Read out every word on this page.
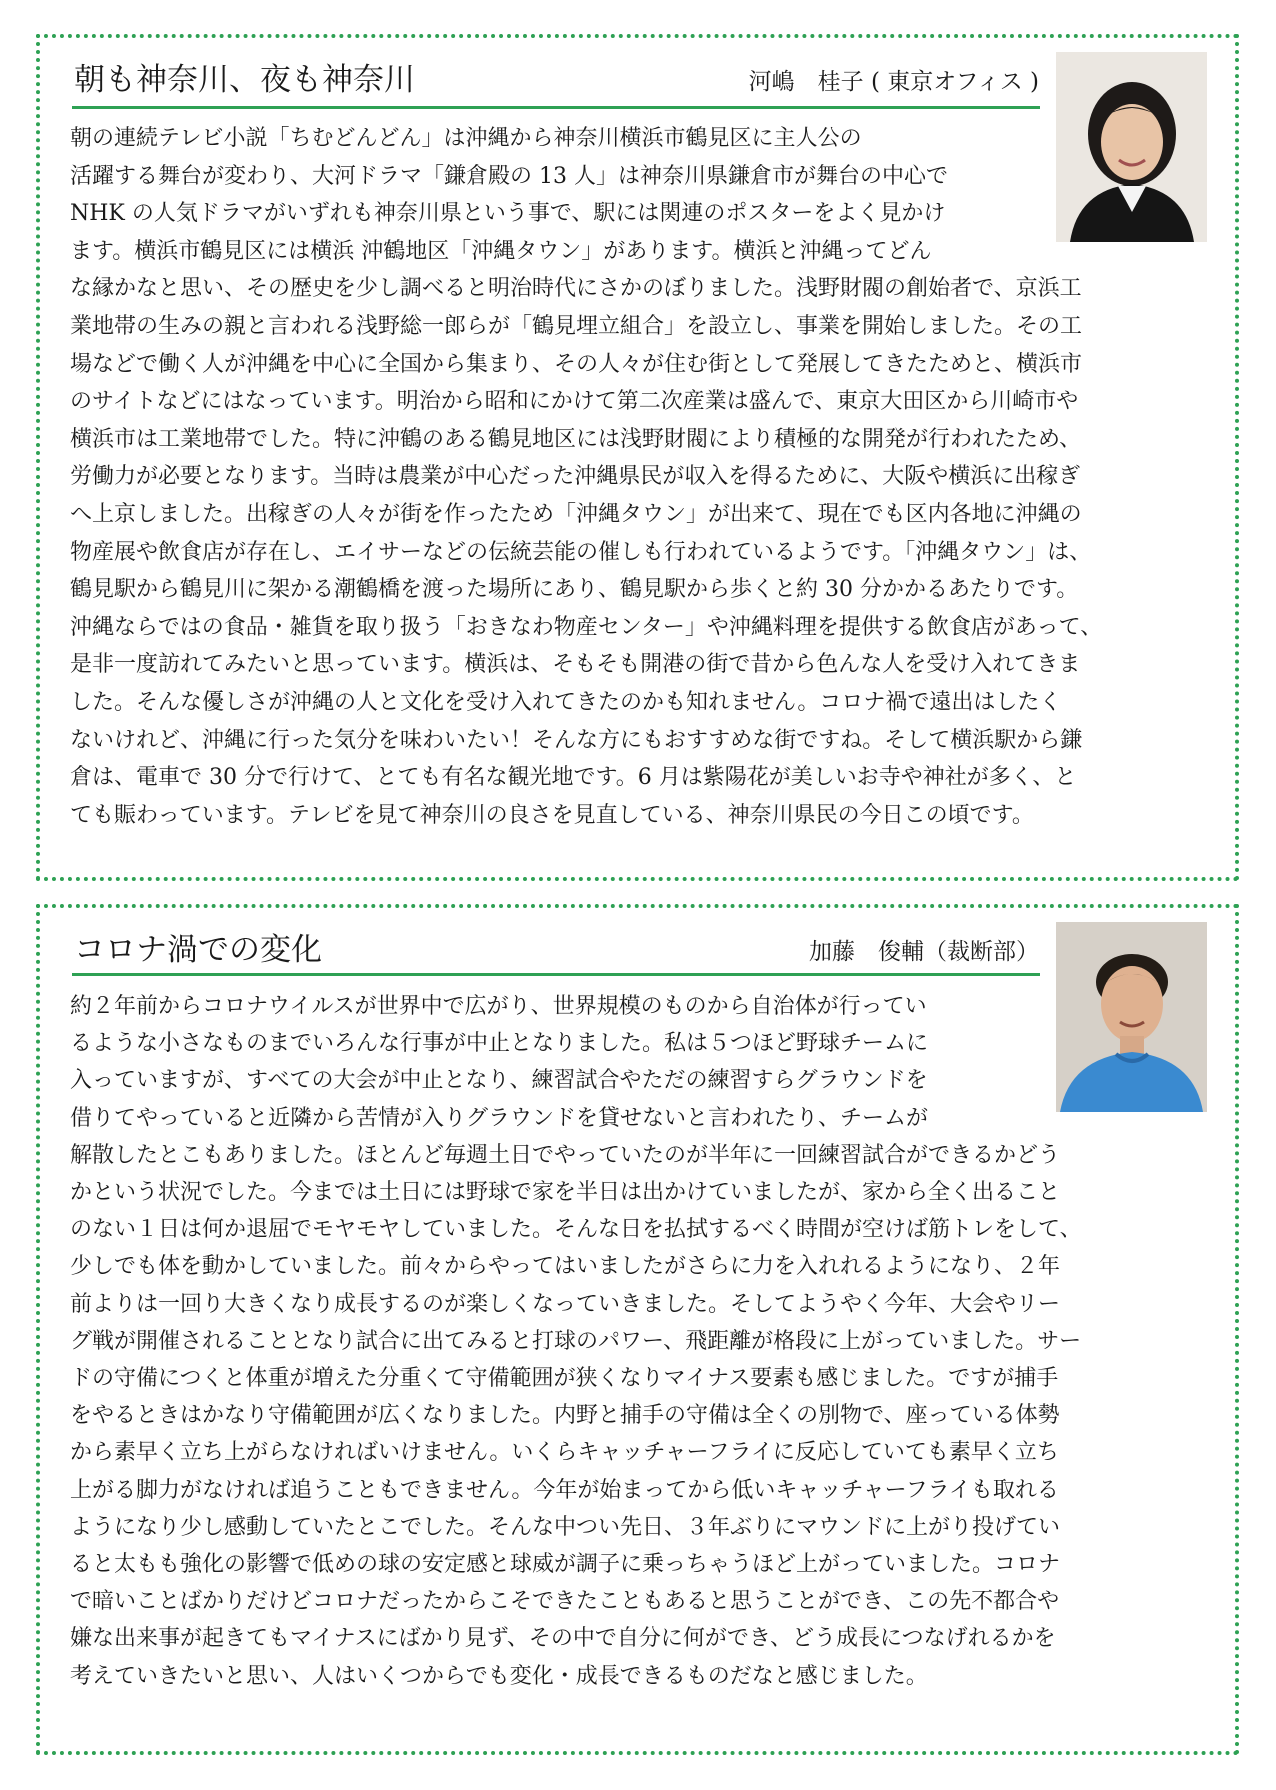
朝も神奈川、夜も神奈川	河嶋　桂子 ( 東京オフィス )
朝の連続テレビ小説「ちむどんどん」は沖縄から神奈川横浜市鶴見区に主人公の
活躍する舞台が変わり、大河ドラマ「鎌倉殿の 13 人」は神奈川県鎌倉市が舞台の中心で
NHK の人気ドラマがいずれも神奈川県という事で、駅には関連のポスターをよく見かけ
ます。横浜市鶴見区には横浜 沖鶴地区「沖縄タウン」があります。横浜と沖縄ってどん
な縁かなと思い、その歴史を少し調べると明治時代にさかのぼりました。浅野財閥の創始者で、京浜工
業地帯の生みの親と言われる浅野総一郎らが「鶴見埋立組合」を設立し、事業を開始しました。その工
場などで働く人が沖縄を中心に全国から集まり、その人々が住む街として発展してきたためと、横浜市
のサイトなどにはなっています。明治から昭和にかけて第二次産業は盛んで、東京大田区から川崎市や
横浜市は工業地帯でした。特に沖鶴のある鶴見地区には浅野財閥により積極的な開発が行われたため、
労働力が必要となります。当時は農業が中心だった沖縄県民が収入を得るために、大阪や横浜に出稼ぎ
へ上京しました。出稼ぎの人々が街を作ったため「沖縄タウン」が出来て、現在でも区内各地に沖縄の
物産展や飲食店が存在し、エイサーなどの伝統芸能の催しも行われているようです。「沖縄タウン」は、
鶴見駅から鶴見川に架かる潮鶴橋を渡った場所にあり、鶴見駅から歩くと約 30 分かかるあたりです。
沖縄ならではの食品・雑貨を取り扱う「おきなわ物産センター」や沖縄料理を提供する飲食店があって、
是非一度訪れてみたいと思っています。横浜は、そもそも開港の街で昔から色んな人を受け入れてきま
した。そんな優しさが沖縄の人と文化を受け入れてきたのかも知れません。コロナ禍で遠出はしたく
ないけれど、沖縄に行った気分を味わいたい！そんな方にもおすすめな街ですね。そして横浜駅から鎌
倉は、電車で 30 分で行けて、とても有名な観光地です。6 月は紫陽花が美しいお寺や神社が多く、と
ても賑わっています。テレビを見て神奈川の良さを見直している、神奈川県民の今日この頃です。
コロナ渦での変化	加藤　俊輔（裁断部）
約２年前からコロナウイルスが世界中で広がり、世界規模のものから自治体が行ってい
るような小さなものまでいろんな行事が中止となりました。私は５つほど野球チームに
入っていますが、すべての大会が中止となり、練習試合やただの練習すらグラウンドを
借りてやっていると近隣から苦情が入りグラウンドを貸せないと言われたり、チームが
解散したとこもありました。ほとんど毎週土日でやっていたのが半年に一回練習試合ができるかどう
かという状況でした。今までは土日には野球で家を半日は出かけていましたが、家から全く出ること
のない１日は何か退屈でモヤモヤしていました。そんな日を払拭するべく時間が空けば筋トレをして、
少しでも体を動かしていました。前々からやってはいましたがさらに力を入れれるようになり、２年
前よりは一回り大きくなり成長するのが楽しくなっていきました。そしてようやく今年、大会やリー
グ戦が開催されることとなり試合に出てみると打球のパワー、飛距離が格段に上がっていました。サー
ドの守備につくと体重が増えた分重くて守備範囲が狭くなりマイナス要素も感じました。ですが捕手
をやるときはかなり守備範囲が広くなりました。内野と捕手の守備は全くの別物で、座っている体勢
から素早く立ち上がらなければいけません。いくらキャッチャーフライに反応していても素早く立ち
上がる脚力がなければ追うこともできません。今年が始まってから低いキャッチャーフライも取れる
ようになり少し感動していたとこでした。そんな中つい先日、３年ぶりにマウンドに上がり投げてい
ると太もも強化の影響で低めの球の安定感と球威が調子に乗っちゃうほど上がっていました。コロナ
で暗いことばかりだけどコロナだったからこそできたこともあると思うことができ、この先不都合や
嫌な出来事が起きてもマイナスにばかり見ず、その中で自分に何ができ、どう成長につなげれるかを
考えていきたいと思い、人はいくつからでも変化・成長できるものだなと感じました。
